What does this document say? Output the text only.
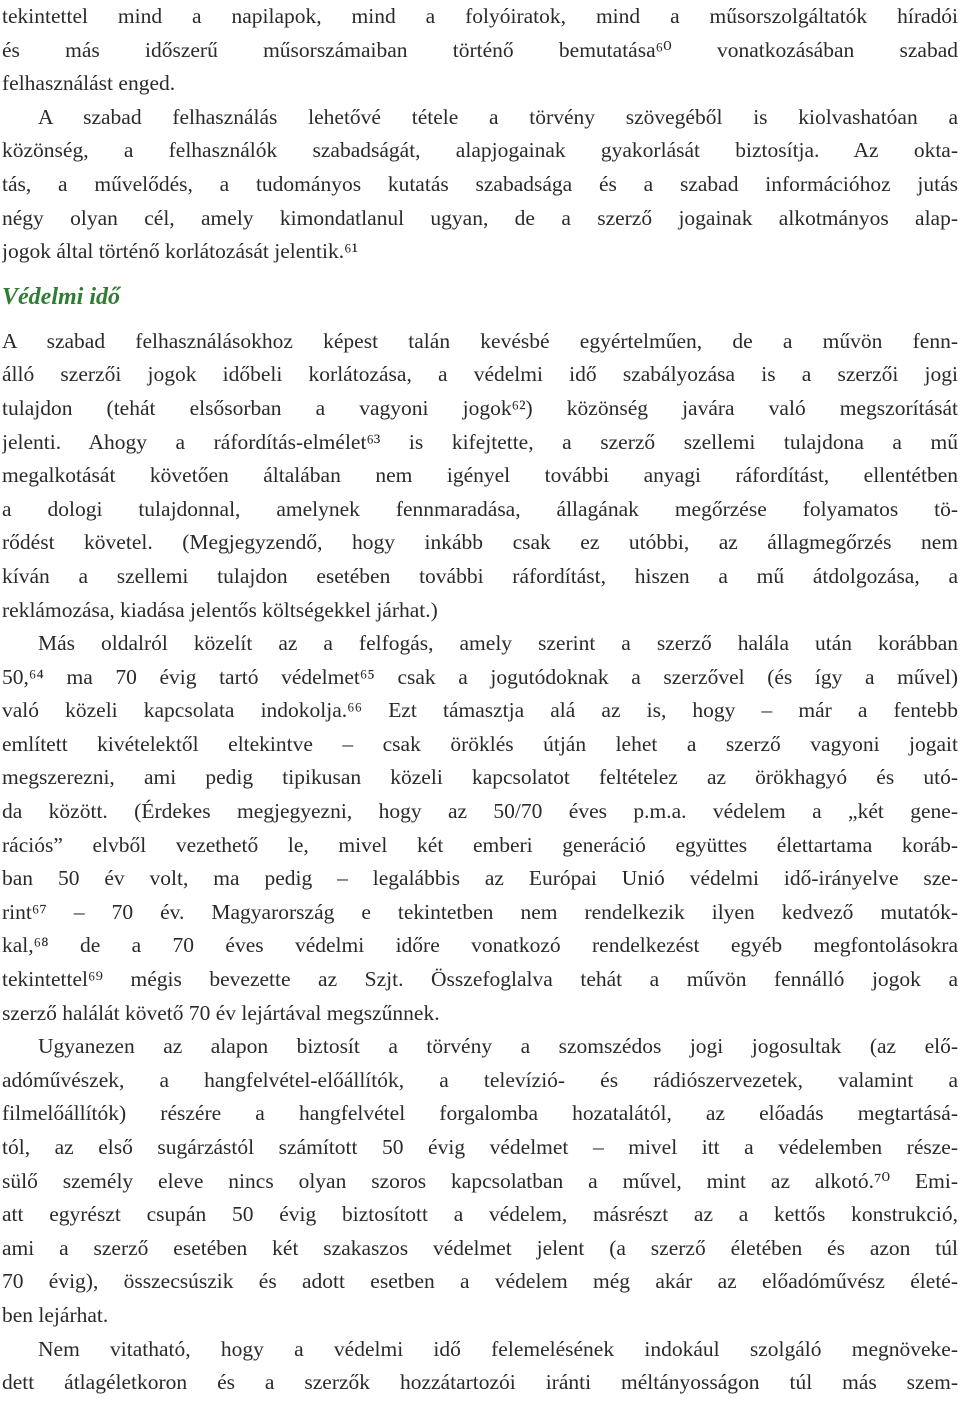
tekintettel mind a napilapok, mind a folyóiratok, mind a műsorszolgáltatók híradói
és más időszerű műsorszámaiban történő bemutatása⁶⁰ vonatkozásában szabad
felhasználást enged.
A szabad felhasználás lehetővé tétele a törvény szövegéből is kiolvashatóan a
közönség, a felhasználók szabadságát, alapjogainak gyakorlását biztosítja. Az okta-
tás, a művelődés, a tudományos kutatás szabadsága és a szabad információhoz jutás
négy olyan cél, amely kimondatlanul ugyan, de a szerző jogainak alkotmányos alap-
jogok által történő korlátozását jelentik.⁶¹
Védelmi idő
A szabad felhasználásokhoz képest talán kevésbé egyértelműen, de a művön fenn-
álló szerzői jogok időbeli korlátozása, a védelmi idő szabályozása is a szerzői jogi
tulajdon (tehát elsősorban a vagyoni jogok⁶²) közönség javára való megszorítását
jelenti. Ahogy a ráfordítás-elmélet⁶³ is kifejtette, a szerző szellemi tulajdona a mű
megalkotását követően általában nem igényel további anyagi ráfordítást, ellentétben
a dologi tulajdonnal, amelynek fennmaradása, állagának megőrzése folyamatos tö-
rődést követel. (Megjegyzendő, hogy inkább csak ez utóbbi, az állagmegőrzés nem
kíván a szellemi tulajdon esetében további ráfordítást, hiszen a mű átdolgozása, a
reklámozása, kiadása jelentős költségekkel járhat.)
Más oldalról közelít az a felfogás, amely szerint a szerző halála után korábban
50,⁶⁴ ma 70 évig tartó védelmet⁶⁵ csak a jogutódoknak a szerzővel (és így a művel)
való közeli kapcsolata indokolja.⁶⁶ Ezt támasztja alá az is, hogy – már a fentebb
említett kivételektől eltekintve – csak öröklés útján lehet a szerző vagyoni jogait
megszerezni, ami pedig tipikusan közeli kapcsolatot feltételez az örökhagyó és utó-
da között. (Érdekes megjegyezni, hogy az 50/70 éves p.m.a. védelem a „két gene-
rációs” elvből vezethető le, mivel két emberi generáció együttes élettartama koráb-
ban 50 év volt, ma pedig – legalábbis az Európai Unió védelmi idő-irányelve sze-
rint⁶⁷ – 70 év. Magyarország e tekintetben nem rendelkezik ilyen kedvező mutatók-
kal,⁶⁸ de a 70 éves védelmi időre vonatkozó rendelkezést egyéb megfontolásokra
tekintettel⁶⁹ mégis bevezette az Szjt. Összefoglalva tehát a művön fennálló jogok a
szerző halálát követő 70 év lejártával megszűnnek.
Ugyanezen az alapon biztosít a törvény a szomszédos jogi jogosultak (az elő-
adóművészek, a hangfelvétel-előállítók, a televízió- és rádiószervezetek, valamint a
filmelőállítók) részére a hangfelvétel forgalomba hozatalától, az előadás megtartásá-
tól, az első sugárzástól számított 50 évig védelmet – mivel itt a védelemben része-
sülő személy eleve nincs olyan szoros kapcsolatban a művel, mint az alkotó.⁷⁰ Emi-
att egyrészt csupán 50 évig biztosított a védelem, másrészt az a kettős konstrukció,
ami a szerző esetében két szakaszos védelmet jelent (a szerző életében és azon túl
70 évig), összecsúszik és adott esetben a védelem még akár az előadóművész életé-
ben lejárhat.
Nem vitatható, hogy a védelmi idő felemelésének indokául szolgáló megnöveke-
dett átlagéletkoron és a szerzők hozzátartozói iránti méltányosságon túl más szem-
